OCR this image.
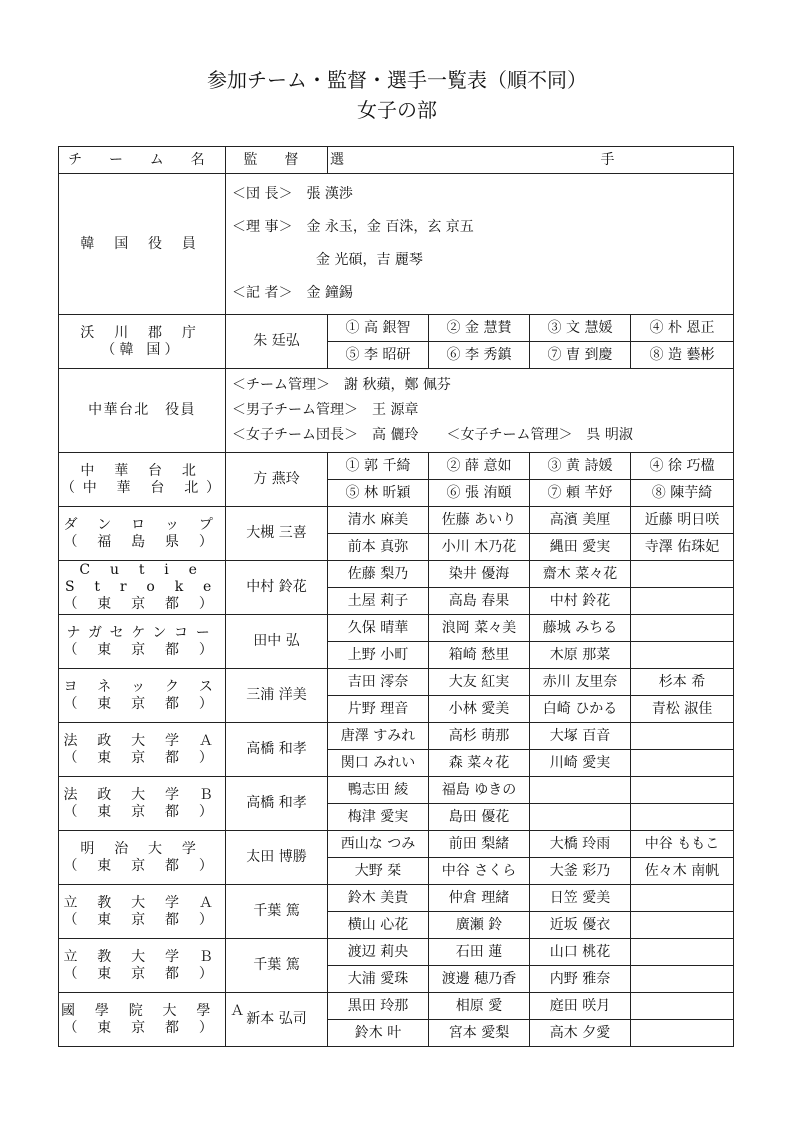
参加チーム・監督・選手一覧表（順不同）
女子の部
チ ー ム 名	監 督	選 手			
韓 国 役 員	＜団 長＞　張 漢渉
＜理 事＞　金 永玉，金 百洙，玄 京五
　　　　　　金 光碩，吉 麗琴
＜記 者＞　金 鐘錫				

沃 川 郡 庁
（韓 国）	朱 廷弘	① 高 銀智	② 金 慧賛	③ 文 慧媛	④ 朴 恩正
		⑤ 李 昭研	⑥ 李 秀鎮	⑦ 曺 到慶	⑧ 造 藝彬
中華台北　役員	＜チーム管理＞　謝 秋蘋，鄭 佩芬
＜男子チーム管理＞　王 源章
＜女子チーム団長＞　高 儷玲　　＜女子チーム管理＞　呉 明淑				

中 華 台 北
（中 華 台 北）	方 燕玲	① 郭 千綺	② 薛 意如	③ 黄 詩媛	④ 徐 巧楹
		⑤ 林 昕穎	⑥ 張 洧頤	⑦ 頼 芊妤	⑧ 陳芋綺

ダ ン ロ ッ プ
（ 福 島 県 ）	大槻 三喜	清水 麻美	佐藤 あいり	高濱 美厘	近藤 明日咲
		前本 真弥	小川 木乃花	縄田 愛実	寺澤 佑珠妃

C u t i e
S t r o k e
（ 東 京 都 ）	中村 鈴花	佐藤 梨乃	染井 優海	齋木 菜々花	
		土屋 莉子	高島 春果	中村 鈴花	

ナガセケンコー
（ 東 京 都 ）	田中 弘	久保 晴華	浪岡 菜々美	藤城 みちる	
		上野 小町	箱崎 愁里	木原 那菜	

ヨ ネ ッ ク ス
（ 東 京 都 ）	三浦 洋美	吉田 澪奈	大友 紅実	赤川 友里奈	杉本 希
		片野 理音	小林 愛美	白崎 ひかる	青松 淑佳

法 政 大 学 Ａ
（ 東 京 都 ）	高橋 和孝	唐澤 すみれ	高杉 萌那	大塚 百音	
		関口 みれい	森 菜々花	川崎 愛実	

法 政 大 学 Ｂ
（ 東 京 都 ）	高橋 和孝	鴨志田 綾	福島 ゆきの		
		梅津 愛実	島田 優花		

明 治 大 学
（ 東 京 都 ）	太田 博勝	西山な つみ	前田 梨緒	大橋 玲雨	中谷 ももこ
		大野 栞	中谷 さくら	大釜 彩乃	佐々木 南帆

立 教 大 学 Ａ
（ 東 京 都 ）	千葉 篤	鈴木 美貴	仲倉 理緒	日笠 愛美	
		横山 心花	廣瀬 鈴	近坂 優衣	

立 教 大 学 Ｂ
（ 東 京 都 ）	千葉 篤	渡辺 莉央	石田 蓮	山口 桃花	
		大浦 愛珠	渡邊 穂乃香	内野 雅奈	

國 學 院 大 學 Ａ
（ 東 京 都 ）	新本 弘司	黒田 玲那	相原 愛	庭田 咲月	
		鈴木 叶	宮本 愛梨	高木 夕愛	
